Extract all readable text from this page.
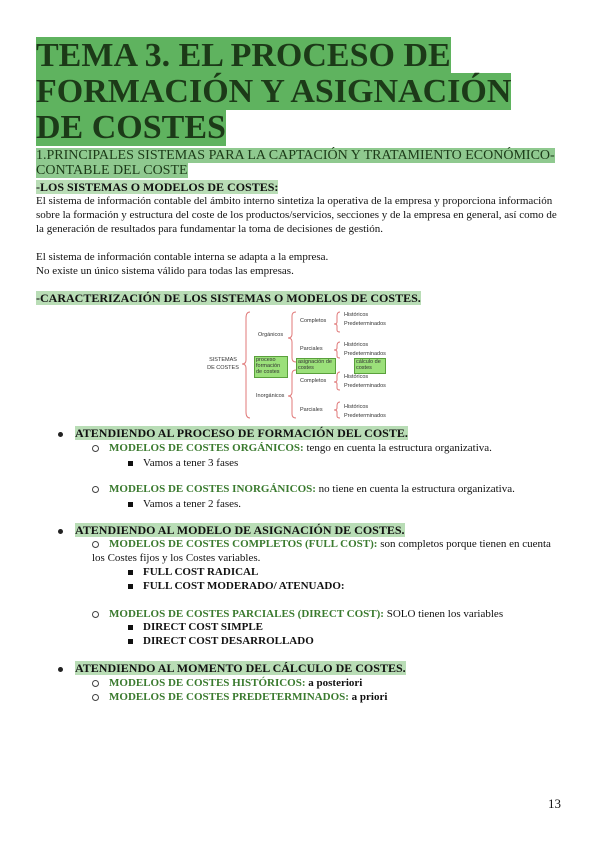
TEMA 3. EL PROCESO DE FORMACIÓN Y ASIGNACIÓN DE COSTES
1.PRINCIPALES SISTEMAS PARA LA CAPTACIÓN Y TRATAMIENTO ECONÓMICO-CONTABLE DEL COSTE
-LOS SISTEMAS O MODELOS DE COSTES:
El sistema de información contable del ámbito interno sintetiza la operativa de la empresa y proporciona información sobre la formación y estructura del coste de los productos/servicios, secciones y de la empresa en general, así como de la generación de resultados para fundamentar la toma de decisiones de gestión.
El sistema de información contable interna se adapta a la empresa.
No existe un único sistema válido para todas las empresas.
-CARACTERIZACIÓN DE LOS SISTEMAS O MODELOS DE COSTES.
SISTEMAS DE COSTES
proceso formación de costes
Orgánicos
Inorgánicos
asignación de costes
cálculo de costes
Completos
Parciales
Completos
Parciales
Históricos
Predeterminados
Históricos
Predeterminados
Históricos
Predeterminados
Históricos
Predeterminados
ATENDIENDO AL PROCESO DE FORMACIÓN DEL COSTE.
MODELOS DE COSTES ORGÁNICOS: tengo en cuenta la estructura organizativa.
Vamos a tener 3 fases
MODELOS DE COSTES INORGÁNICOS: no tiene en cuenta la estructura organizativa.
Vamos a tener 2 fases.
ATENDIENDO AL MODELO DE ASIGNACIÓN DE COSTES.
MODELOS DE COSTES COMPLETOS (FULL COST): son completos porque tienen en cuenta los Costes fijos y los Costes variables.
FULL COST RADICAL
FULL COST MODERADO/ ATENUADO:
MODELOS DE COSTES PARCIALES (DIRECT COST): SOLO tienen los variables
DIRECT COST SIMPLE
DIRECT COST DESARROLLADO
ATENDIENDO AL MOMENTO DEL CÁLCULO DE COSTES.
MODELOS DE COSTES HISTÓRICOS: a posteriori
MODELOS DE COSTES PREDETERMINADOS: a priori
13
